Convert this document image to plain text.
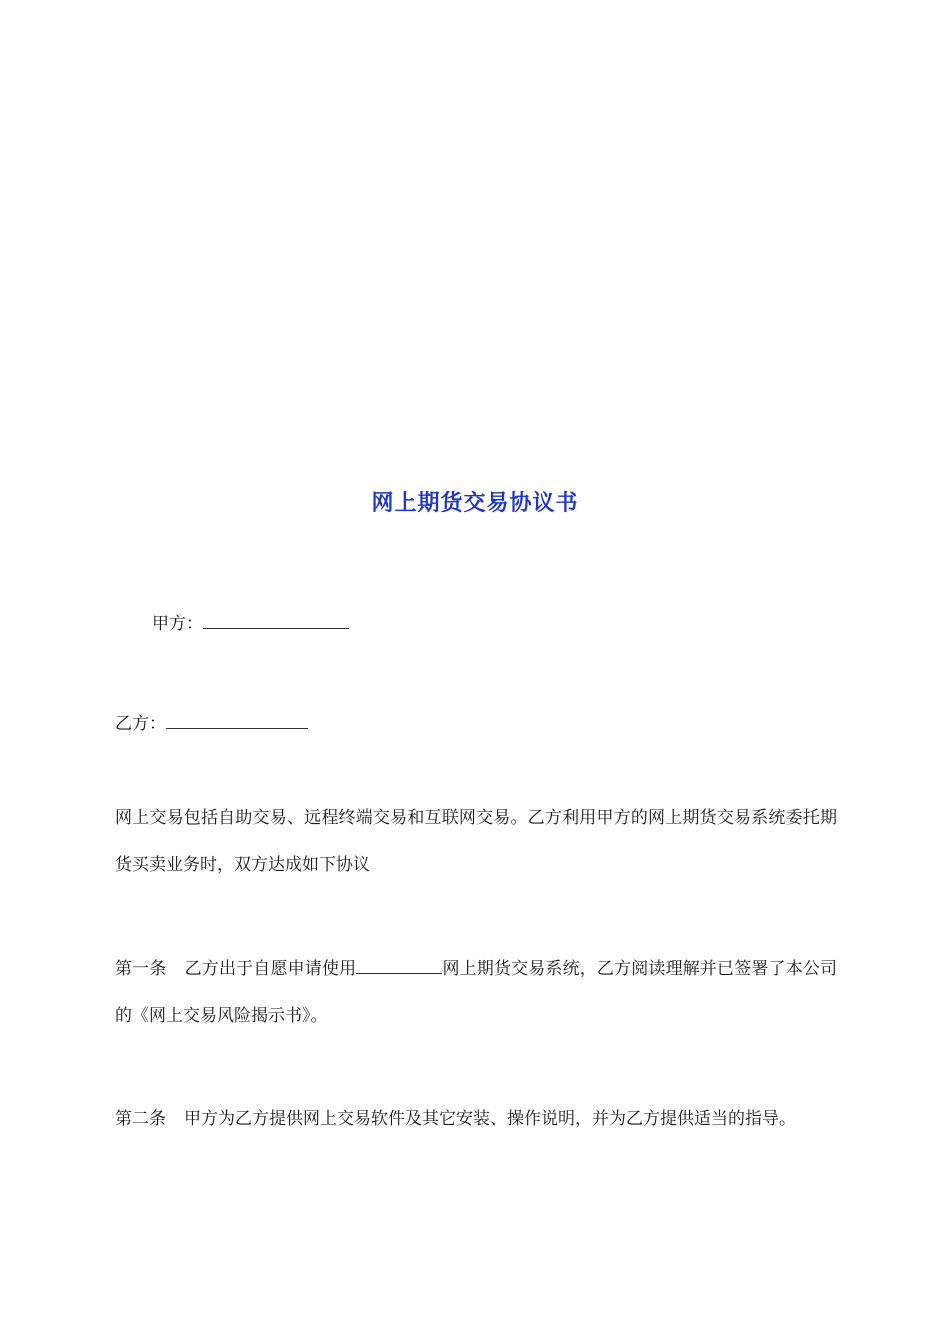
网上期货交易协议书
甲方：
乙方：

网上交易包括自助交易、远程终端交易和互联网交易。乙方利用甲方的网上期货交易系统委托期货买卖业务时，双方达成如下协议

第一条 乙方出于自愿申请使用	网上期货交易系统，乙方阅读理解并已签署了本公司的《网上交易风险揭示书》。

第二条 甲方为乙方提供网上交易软件及其它安装、操作说明，并为乙方提供适当的指导。
